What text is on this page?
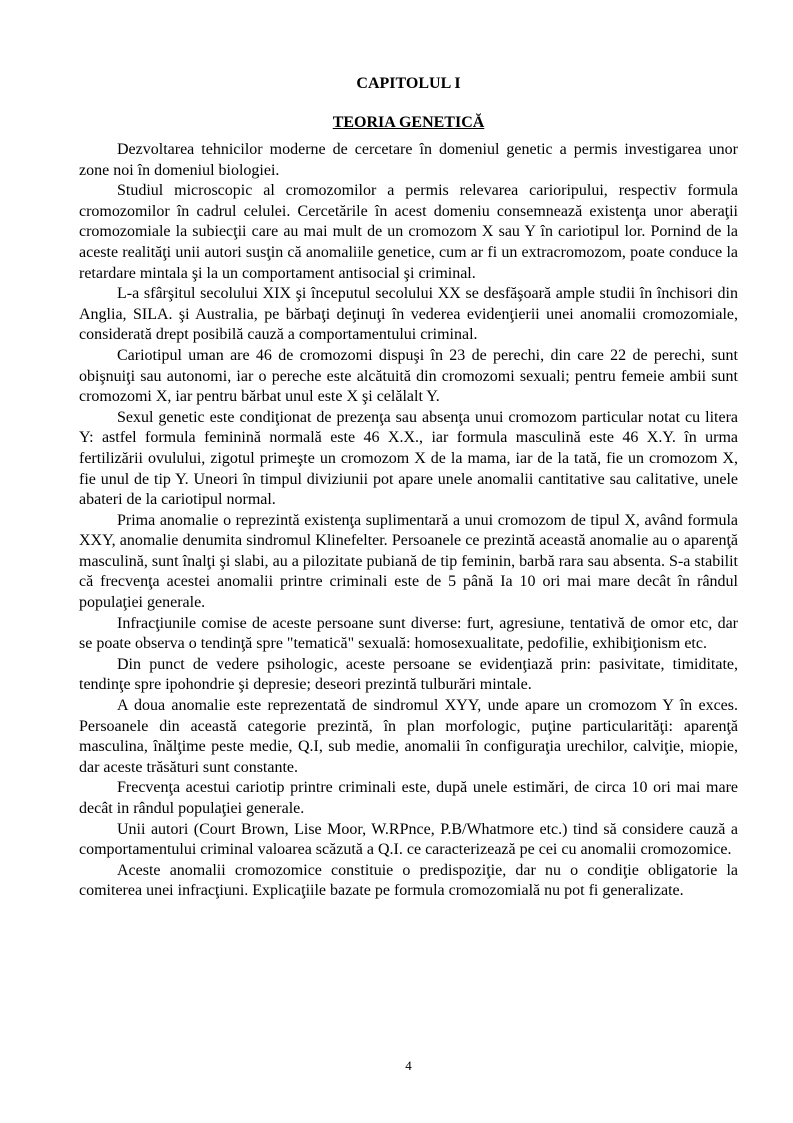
CAPITOLUL I
TEORIA GENETICĂ

Dezvoltarea tehnicilor moderne de cercetare în domeniul genetic a permis investigarea unor zone noi în domeniul biologiei.

Studiul microscopic al cromozomilor a permis relevarea carioripului, respectiv formula cromozomilor în cadrul celulei. Cercetările în acest domeniu consemnează existenţa unor aberaţii cromozomiale la subiecţii care au mai mult de un cromozom X sau Y în cariotipul lor. Pornind de la aceste realităţi unii autori susţin că anomaliile genetice, cum ar fi un extracromozom, poate conduce la retardare mintala şi la un comportament antisocial şi criminal.

L-a sfârşitul secolului XIX şi începutul secolului XX se desfăşoară ample studii în închisori din Anglia, SILA. şi Australia, pe bărbaţi deţinuţi în vederea evidenţierii unei anomalii cromozomiale, considerată drept posibilă cauză a comportamentului criminal.

Cariotipul uman are 46 de cromozomi dispuşi în 23 de perechi, din care 22 de perechi, sunt obişnuiţi sau autonomi, iar o pereche este alcătuită din cromozomi sexuali; pentru femeie ambii sunt cromozomi X, iar pentru bărbat unul este X şi celălalt Y.

Sexul genetic este condiţionat de prezenţa sau absenţa unui cromozom particular notat cu litera Y: astfel formula feminină normală este 46 X.X., iar formula masculină este 46 X.Y. în urma fertilizării ovulului, zigotul primeşte un cromozom X de la mama, iar de la tată, fie un cromozom X, fie unul de tip Y. Uneori în timpul diviziunii pot apare unele anomalii cantitative sau calitative, unele abateri de la cariotipul normal.

Prima anomalie o reprezintă existenţa suplimentară a unui cromozom de tipul X, având formula XXY, anomalie denumita sindromul Klinefelter. Persoanele ce prezintă această anomalie au o aparenţă masculină, sunt înalţi şi slabi, au a pilozitate pubiană de tip feminin, barbă rara sau absenta. S-a stabilit că frecvenţa acestei anomalii printre criminali este de 5 până Ia 10 ori mai mare decât în rândul populaţiei generale.

Infracţiunile comise de aceste persoane sunt diverse: furt, agresiune, tentativă de omor etc, dar se poate observa o tendinţă spre "tematică" sexuală: homosexualitate, pedofilie, exhibiţionism etc.

Din punct de vedere psihologic, aceste persoane se evidenţiază prin: pasivitate, timiditate, tendinţe spre ipohondrie şi depresie; deseori prezintă tulburări mintale.

A doua anomalie este reprezentată de sindromul XYY, unde apare un cromozom Y în exces. Persoanele din această categorie prezintă, în plan morfologic, puţine particularităţi: aparenţă masculina, înălţime peste medie, Q.I, sub medie, anomalii în configuraţia urechilor, calviţie, miopie, dar aceste trăsături sunt constante.

Frecvenţa acestui cariotip printre criminali este, după unele estimări, de circa 10 ori mai mare decât in rândul populaţiei generale.

Unii autori (Court Brown, Lise Moor, W.RPnce, P.B/Whatmore etc.) tind să considere cauză a comportamentului criminal valoarea scăzută a Q.I. ce caracterizează pe cei cu anomalii cromozomice.

Aceste anomalii cromozomice constituie o predispoziţie, dar nu o condiţie obligatorie la comiterea unei infracţiuni. Explicaţiile bazate pe formula cromozomială nu pot fi generalizate.

4
